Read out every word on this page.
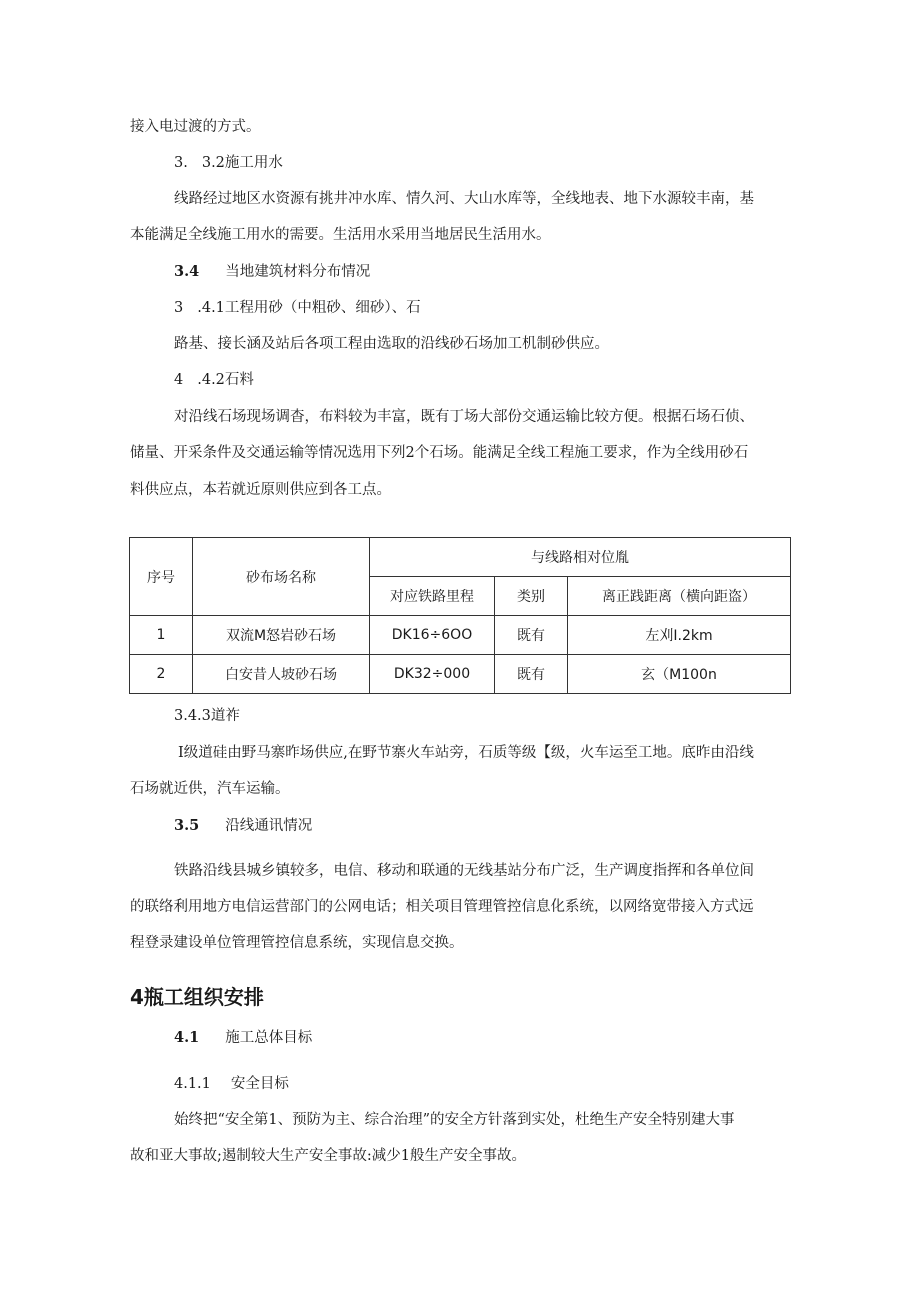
接入电过渡的方式。
3. 3.2施工用水
线路经过地区水资源有挑井冲水库、情久河、大山水库等，全线地表、地下水源较丰南，基
本能满足全线施工用水的需要。生活用水采用当地居民生活用水。
3.4 当地建筑材料分布情况
3 .4.1工程用砂（中粗砂、细砂）、石
路基、接长涵及站后各项工程由选取的沿线砂石场加工机制砂供应。
4 .4.2石料
对沿线石场现场调杳，布料较为丰富，既有丁场大部份交通运输比较方便。根据石场石侦、
储量、开采条件及交通运输等情况选用下列2个石场。能满足全线工程施工要求，作为全线用砂石
料供应点，本若就近原则供应到各工点。
序号	砂布场名称	与线路相对位胤		
		对应铁路里程	类别	离正践距离（横向距盗）
1	双流M怒岩砂石场	DK16÷6OO	既有	左刈I.2km
2	白安昔人坡砂石场	DK32÷000	既有	玄（M100n
3.4.3道祚
I级道硅由野马寨昨场供应,在野节寨火车站旁，石质等级【级，火车运至工地。底昨由沿线
石场就近供，汽车运输。
3.5 沿线通讯情况
铁路沿线县城乡镇较多，电信、移动和联通的无线基站分布广泛，生产调度指挥和各单位间
的联络利用地方电信运营部门的公网电话；相关项目管理管控信息化系统，以网络宽带接入方式远
程登录建设单位管理管控信息系统，实现信息交换。
4瓶工组织安排
4.1 施工总体目标
4.1.1 安全目标
始终把“安全第1、预防为主、综合治理”的安全方针落到实处，杜绝生产安全特别建大事
故和亚大事故;遏制较大生产安全事故:减少1般生产安全事故。
